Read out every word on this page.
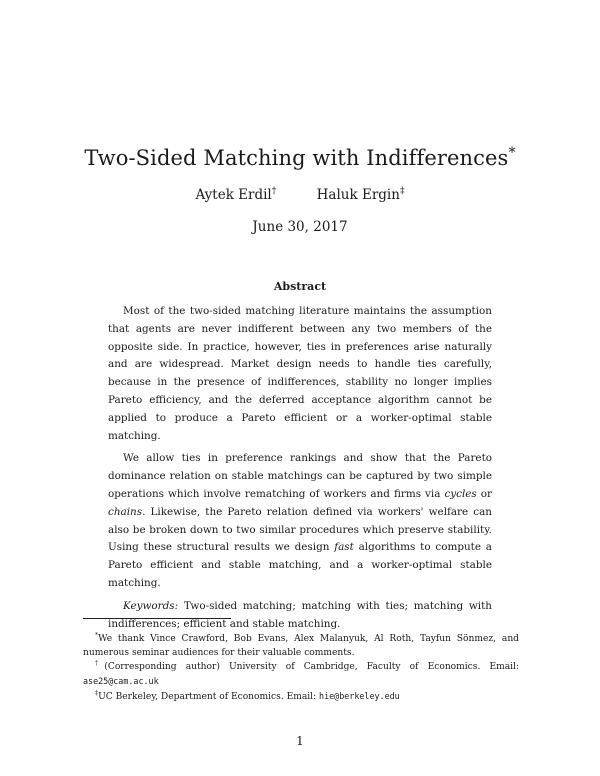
Two-Sided Matching with Indifferences*
Aytek Erdil†	Haluk Ergin‡
June 30, 2017
Abstract

Most of the two-sided matching literature maintains the assumption that agents are never indifferent between any two members of the opposite side. In practice, however, ties in preferences arise naturally and are widespread. Market design needs to handle ties carefully, because in the presence of indifferences, stability no longer implies Pareto efficiency, and the deferred acceptance algorithm cannot be applied to produce a Pareto efficient or a worker-optimal stable matching.

We allow ties in preference rankings and show that the Pareto dominance relation on stable matchings can be captured by two simple operations which involve rematching of workers and firms via cycles or chains. Likewise, the Pareto relation defined via workers' welfare can also be broken down to two similar procedures which preserve stability. Using these structural results we design fast algorithms to compute a Pareto efficient and stable matching, and a worker-optimal stable matching.

Keywords: Two-sided matching; matching with ties; matching with indifferences; efficient and stable matching.

*We thank Vince Crawford, Bob Evans, Alex Malanyuk, Al Roth, Tayfun Sönmez, and numerous seminar audiences for their valuable comments.

†(Corresponding author) University of Cambridge, Faculty of Economics. Email: ase25@cam.ac.uk

‡UC Berkeley, Department of Economics. Email: hie@berkeley.edu

1
